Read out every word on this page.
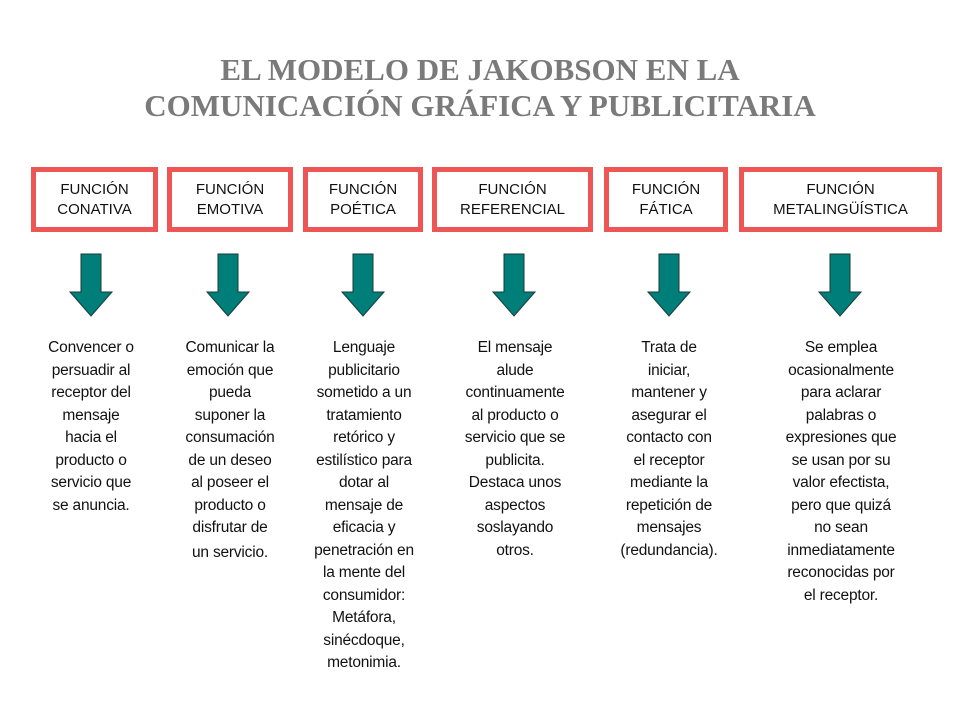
EL MODELO DE JAKOBSON EN LA
COMUNICACIÓN GRÁFICA Y PUBLICITARIA
FUNCIÓN
CONATIVA
FUNCIÓN
EMOTIVA
FUNCIÓN
POÉTICA
FUNCIÓN
REFERENCIAL
FUNCIÓN
FÁTICA
FUNCIÓN
METALINGÜÍSTICA
Convencer o
persuadir al
receptor del
mensaje
hacia el
producto o
servicio que
se anuncia.
Comunicar la
emoción que
pueda
suponer la
consumación
de un deseo
al poseer el
producto o
disfrutar de
un servicio.
Lenguaje
publicitario
sometido a un
tratamiento
retórico y
estilístico para
dotar al
mensaje de
eficacia y
penetración en
la mente del
consumidor:
Metáfora,
sinécdoque,
metonimia.
El mensaje
alude
continuamente
al producto o
servicio que se
publicita.
Destaca unos
aspectos
soslayando
otros.
Trata de
iniciar,
mantener y
asegurar el
contacto con
el receptor
mediante la
repetición de
mensajes
(redundancia).
Se emplea
ocasionalmente
para aclarar
palabras o
expresiones que
se usan por su
valor efectista,
pero que quizá
no sean
inmediatamente
reconocidas por
el receptor.
